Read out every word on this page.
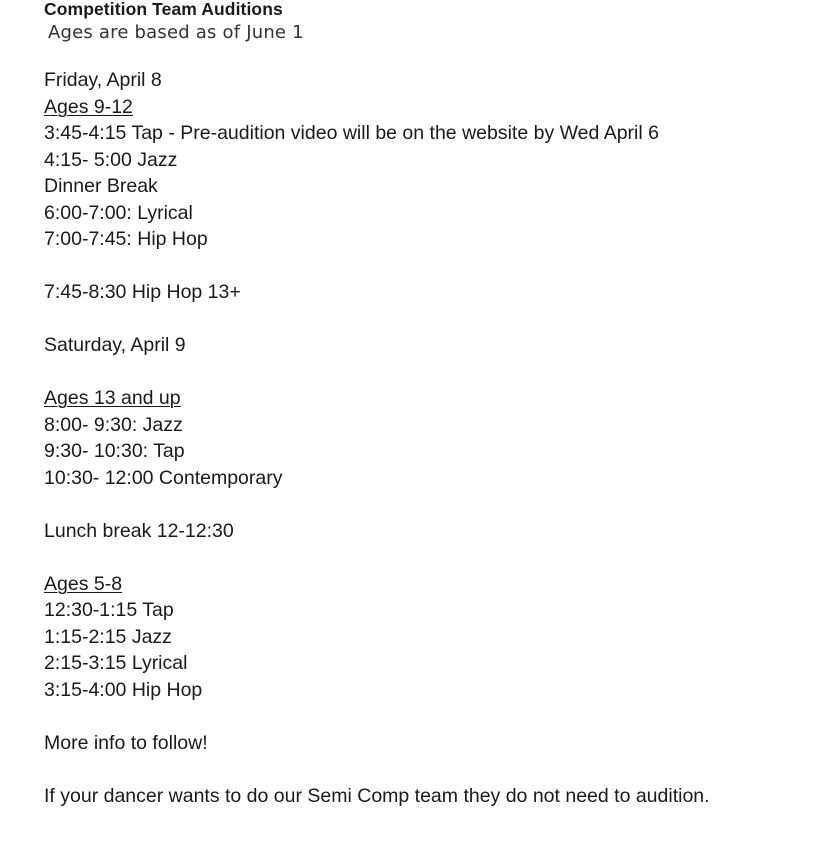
Competition Team Auditions

Ages are based as of June 1

Friday, April 8

Ages 9-12

3:45-4:15 Tap - Pre-audition video will be on the website by Wed April 6

4:15- 5:00 Jazz

Dinner Break

6:00-7:00: Lyrical

7:00-7:45: Hip Hop

7:45-8:30 Hip Hop 13+

Saturday, April 9

Ages 13 and up

8:00- 9:30: Jazz

9:30- 10:30: Tap

10:30- 12:00 Contemporary

Lunch break 12-12:30

Ages 5-8

12:30-1:15 Tap

1:15-2:15 Jazz

2:15-3:15 Lyrical

3:15-4:00 Hip Hop

More info to follow!

If your dancer wants to do our Semi Comp team they do not need to audition.
